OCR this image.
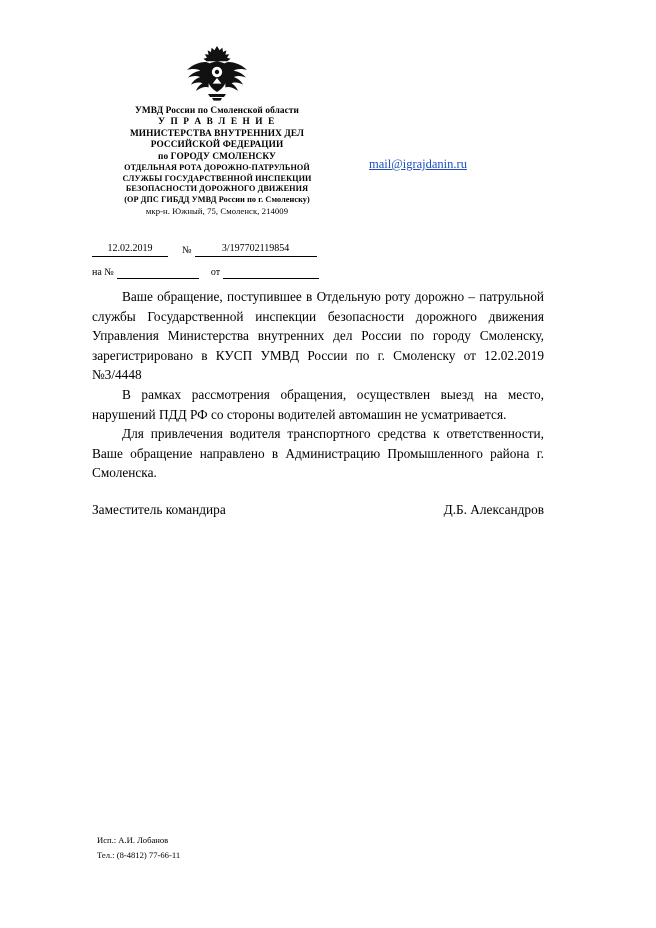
УМВД России по Смоленской области
У П Р А В Л Е Н И Е
МИНИСТЕРСТВА ВНУТРЕННИХ ДЕЛ
РОССИЙСКОЙ ФЕДЕРАЦИИ
по ГОРОДУ СМОЛЕНСКУ
ОТДЕЛЬНАЯ РОТА ДОРОЖНО-ПАТРУЛЬНОЙ
СЛУЖБЫ ГОСУДАРСТВЕННОЙ ИНСПЕКЦИИ
БЕЗОПАСНОСТИ ДОРОЖНОГО ДВИЖЕНИЯ
(ОР ДПС ГИБДД УМВД России по г. Смоленску)
мкр-н. Южный, 75, Смоленск, 214009
mail@igrajdanin.ru
12.02.2019	№	3/197702119854
на №
	от

Ваше обращение, поступившее в Отдельную роту дорожно – патрульной службы Государственной инспекции безопасности дорожного движения Управления Министерства внутренних дел России по городу Смоленску, зарегистрировано в КУСП УМВД России по г. Смоленску от 12.02.2019 №3/4448

В рамках рассмотрения обращения, осуществлен выезд на место, нарушений ПДД РФ со стороны водителей автомашин не усматривается.

Для привлечения водителя транспортного средства к ответственности, Ваше обращение направлено в Администрацию Промышленного района г. Смоленска.

Заместитель командира	Д.Б. Александров
Исп.: А.И. Лобанов
Тел.: (8-4812) 77-66-11
